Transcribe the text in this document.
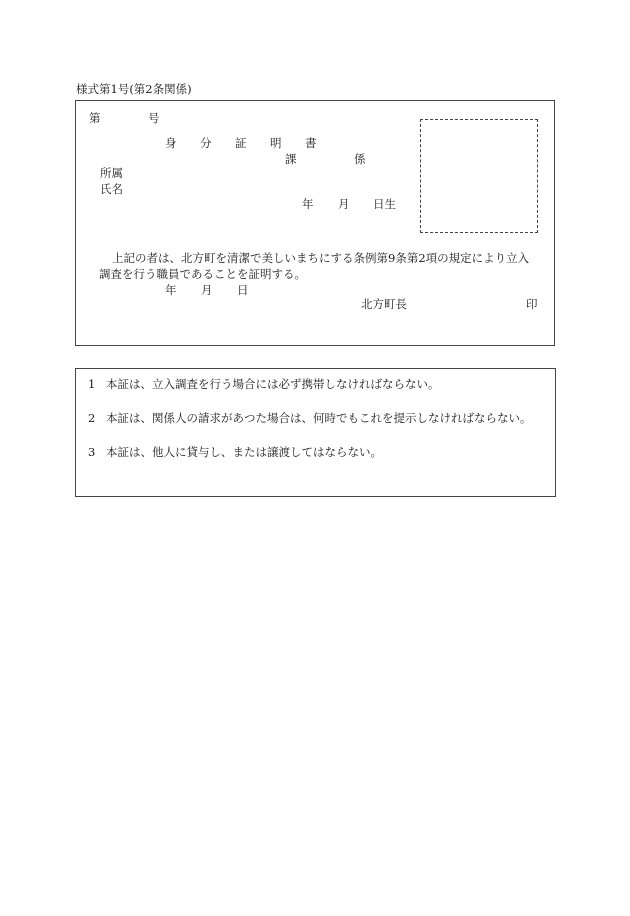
様式第1号(第2条関係)
第	号
身 分 証 明 書
課	係
所属
氏名
年 月 日生
上記の者は、北方町を清潔で美しいまちにする条例第9条第2項の規定により立入
調査を行う職員であることを証明する。
年 月 日
北方町長	印
1 本証は、立入調査を行う場合には必ず携帯しなければならない。
2 本証は、関係人の請求があつた場合は、何時でもこれを提示しなければならない。
3 本証は、他人に貸与し、または譲渡してはならない。
